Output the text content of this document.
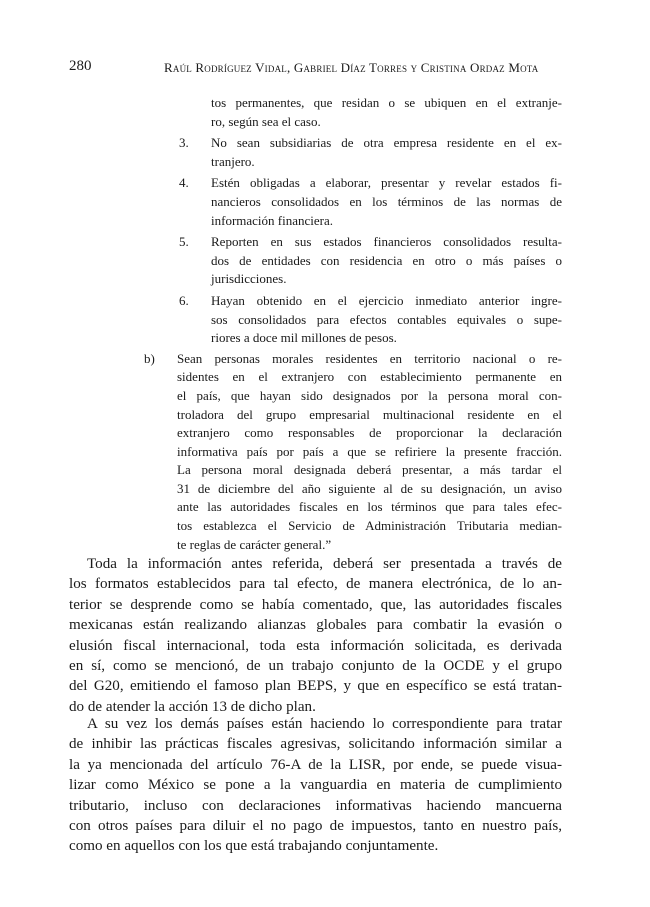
280	Raúl Rodríguez Vidal, Gabriel Díaz Torres y Cristina Ordaz Mota
tos permanentes, que residan o se ubiquen en el extranje-
ro, según sea el caso.
3. No sean subsidiarias de otra empresa residente en el ex-
tranjero.
4. Estén obligadas a elaborar, presentar y revelar estados fi-
nancieros consolidados en los términos de las normas de
información financiera.
5. Reporten en sus estados financieros consolidados resulta-
dos de entidades con residencia en otro o más países o
jurisdicciones.
6. Hayan obtenido en el ejercicio inmediato anterior ingre-
sos consolidados para efectos contables equivales o supe-
riores a doce mil millones de pesos.
b) Sean personas morales residentes en territorio nacional o re-
sidentes en el extranjero con establecimiento permanente en
el país, que hayan sido designados por la persona moral con-
troladora del grupo empresarial multinacional residente en el
extranjero como responsables de proporcionar la declaración
informativa país por país a que se refiriere la presente fracción.
La persona moral designada deberá presentar, a más tardar el
31 de diciembre del año siguiente al de su designación, un aviso
ante las autoridades fiscales en los términos que para tales efec-
tos establezca el Servicio de Administración Tributaria median-
te reglas de carácter general.”
Toda la información antes referida, deberá ser presentada a través de
los formatos establecidos para tal efecto, de manera electrónica, de lo an-
terior se desprende como se había comentado, que, las autoridades fiscales
mexicanas están realizando alianzas globales para combatir la evasión o
elusión fiscal internacional, toda esta información solicitada, es derivada
en sí, como se mencionó, de un trabajo conjunto de la OCDE y el grupo
del G20, emitiendo el famoso plan BEPS, y que en específico se está tratan-
do de atender la acción 13 de dicho plan.
A su vez los demás países están haciendo lo correspondiente para tratar
de inhibir las prácticas fiscales agresivas, solicitando información similar a
la ya mencionada del artículo 76-A de la LISR, por ende, se puede visua-
lizar como México se pone a la vanguardia en materia de cumplimiento
tributario, incluso con declaraciones informativas haciendo mancuerna
con otros países para diluir el no pago de impuestos, tanto en nuestro país,
como en aquellos con los que está trabajando conjuntamente.
